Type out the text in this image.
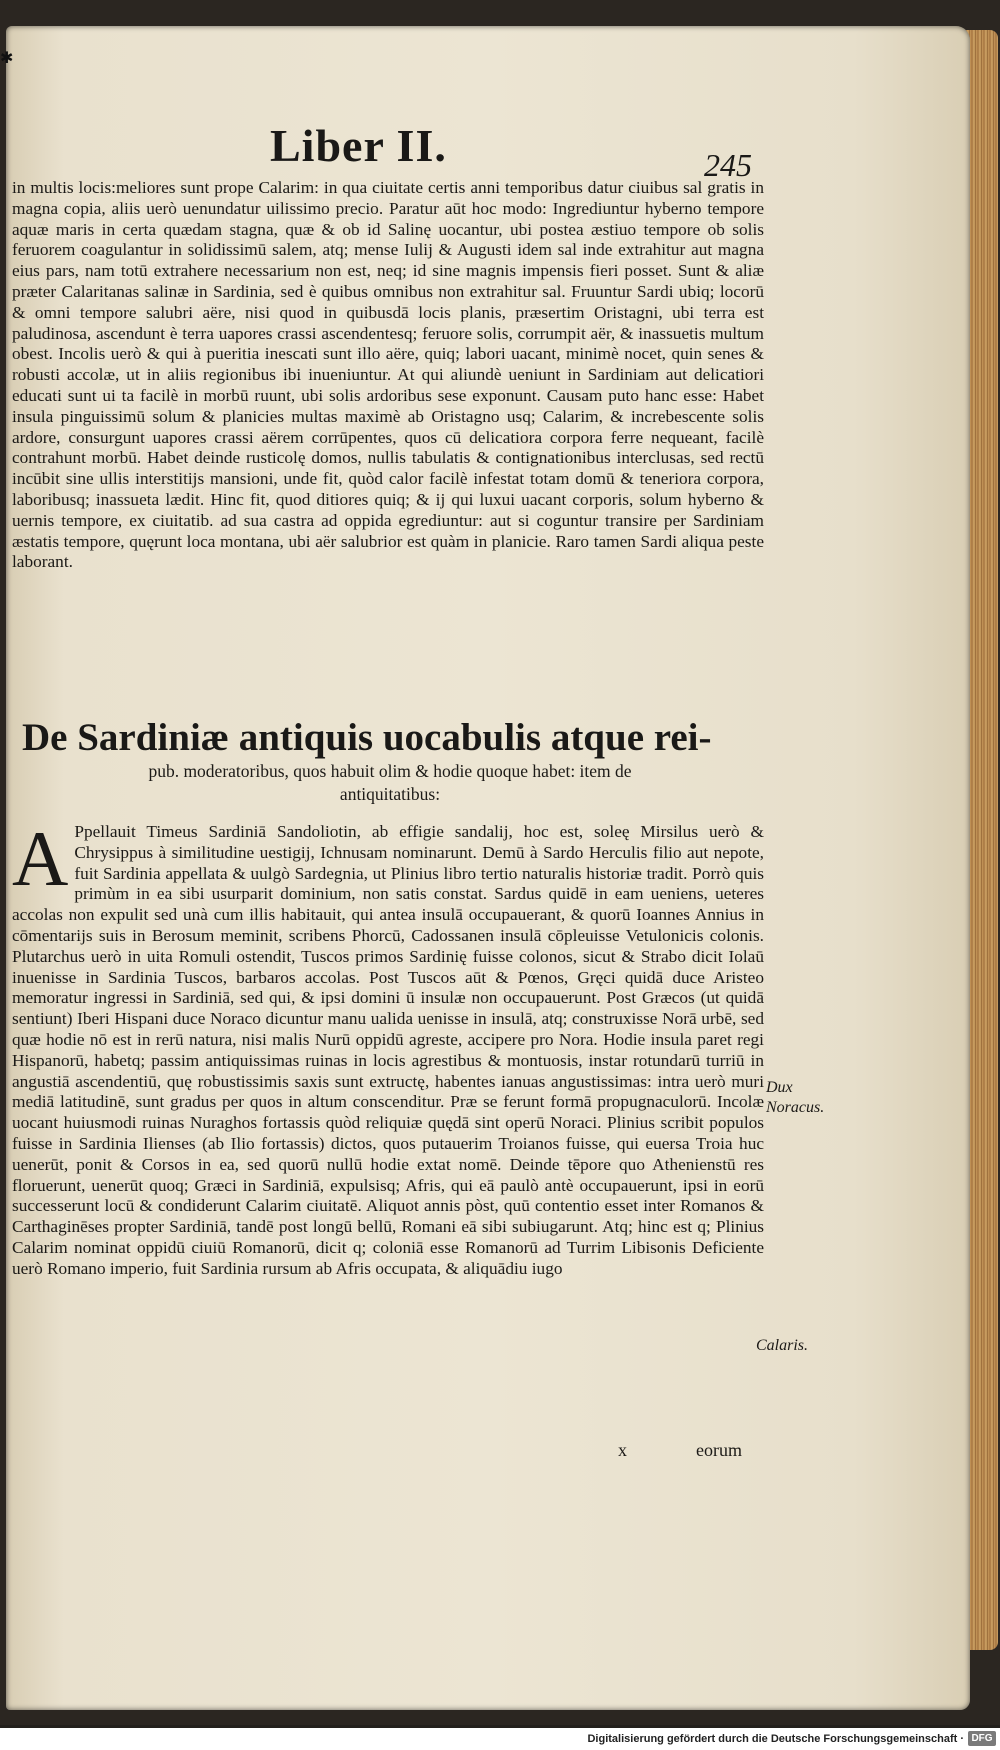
✱
Liber II.	245

in multis locis:meliores sunt prope Calarim: in qua ciuitate certis anni temporibus datur ciuibus sal gratis in magna copia, aliis uerò uenundatur uilissimo precio. Paratur aūt hoc modo: Ingrediuntur hyberno tempore aquæ maris in certa quædam stagna, quæ & ob id Salinę uocantur, ubi postea æstiuo tempore ob solis feruorem coagulantur in solidissimū salem, atq; mense Iulij & Augusti idem sal inde extrahitur aut magna eius pars, nam totū extrahere necessarium non est, neq; id sine magnis impensis fieri posset. Sunt & aliæ præter Calaritanas salinæ in Sardinia, sed è quibus omnibus non extrahitur sal. Fruuntur Sardi ubiq; locorū & omni tempore salubri aëre, nisi quod in quibusdā locis planis, præsertim Oristagni, ubi terra est paludinosa, ascendunt è terra uapores crassi ascendentesq; feruore solis, corrumpit aër, & inassuetis multum obest. Incolis uerò & qui à pueritia inescati sunt illo aëre, quiq; labori uacant, minimè nocet, quin senes & robusti accolæ, ut in aliis regionibus ibi inueniuntur. At qui aliundè ueniunt in Sardiniam aut delicatiori educati sunt ui ta facilè in morbū ruunt, ubi solis ardoribus sese exponunt. Causam puto hanc esse: Habet insula pinguissimū solum & planicies multas maximè ab Oristagno usq; Calarim, & increbescente solis ardore, consurgunt uapores crassi aërem corrūpentes, quos cū delicatiora corpora ferre nequeant, facilè contrahunt morbū. Habet deinde rusticolę domos, nullis tabulatis & contignationibus interclusas, sed rectū incūbit sine ullis interstitijs mansioni, unde fit, quòd calor facilè infestat totam domū & teneriora corpora, laboribusq; inassueta lædit. Hinc fit, quod ditiores quiq; & ij qui luxui uacant corporis, solum hyberno & uernis tempore, ex ciuitatib. ad sua castra ad oppida egrediuntur: aut si coguntur transire per Sardiniam æstatis tempore, quęrunt loca montana, ubi aër salubrior est quàm in planicie. Raro tamen Sardi aliqua peste laborant.

De Sardiniæ antiquis uocabulis atque rei-

pub. moderatoribus, quos habuit olim & hodie quoque habet: item de antiquitatibus:

A Ppellauit Timeus Sardiniā Sandoliotin, ab effigie sandalij, hoc est, soleę Mirsilus uerò & Chrysippus à similitudine uestigij, Ichnusam nominarunt. Demū à Sardo Herculis filio aut nepote, fuit Sardinia appellata & uulgò Sardegnia, ut Plinius libro tertio naturalis historiæ tradit. Porrò quis primùm in ea sibi usurparit dominium, non satis constat. Sardus quidē in eam ueniens, ueteres accolas non expulit sed unà cum illis habitauit, qui antea insulā occupauerant, & quorū Ioannes Annius in cōmentarijs suis in Berosum meminit, scribens Phorcū, Cadossanen insulā cōpleuisse Vetulonicis colonis. Plutarchus uerò in uita Romuli ostendit, Tuscos primos Sardinię fuisse colonos, sicut & Strabo dicit Iolaū inuenisse in Sardinia Tuscos, barbaros accolas. Post Tuscos aūt & Pœnos, Gręci quidā duce Aristeo memoratur ingressi in Sardiniā, sed qui, & ipsi domini ū insulæ non occupauerunt. Post Græcos (ut quidā sentiunt) Iberi Hispani duce Noraco dicuntur manu ualida uenisse in insulā, atq; construxisse Norā urbē, sed quæ hodie nō est in rerū natura, nisi malis Nurū oppidū agreste, accipere pro Nora. Hodie insula paret regi Hispanorū, habetq; passim antiquissimas ruinas in locis agrestibus & montuosis, instar rotundarū turriū in angustiā ascendentiū, quę robustissimis saxis sunt extructę, habentes ianuas angustissimas: intra uerò muri mediā latitudinē, sunt gradus per quos in altum conscenditur. Præ se ferunt formā propugnaculorū. Incolæ uocant huiusmodi ruinas Nuraghos fortassis quòd reliquiæ quędā sint operū Noraci. Plinius scribit populos fuisse in Sardinia Ilienses (ab Ilio fortassis) dictos, quos putauerim Troianos fuisse, qui euersa Troia huc uenerūt, ponit & Corsos in ea, sed quorū nullū hodie extat nomē. Deinde tēpore quo Athenienstū res floruerunt, uenerūt quoq; Græci in Sardiniā, expulsisq; Afris, qui eā paulò antè occupauerunt, ipsi in eorū successerunt locū & condiderunt Calarim ciuitatē. Aliquot annis pòst, quū contentio esset inter Romanos & Carthaginēses propter Sardiniā, tandē post longū bellū, Romani eā sibi subiugarunt. Atq; hinc est q; Plinius Calarim nominat oppidū ciuiū Romanorū, dicit q; coloniā esse Romanorū ad Turrim Libisonis Deficiente uerò Romano imperio, fuit Sardinia rursum ab Afris occupata, & aliquādiu iugo

Dux Noracus.

Calaris.

x	eorum
Digitalisierung gefördert durch die Deutsche Forschungsgemeinschaft · DFG
